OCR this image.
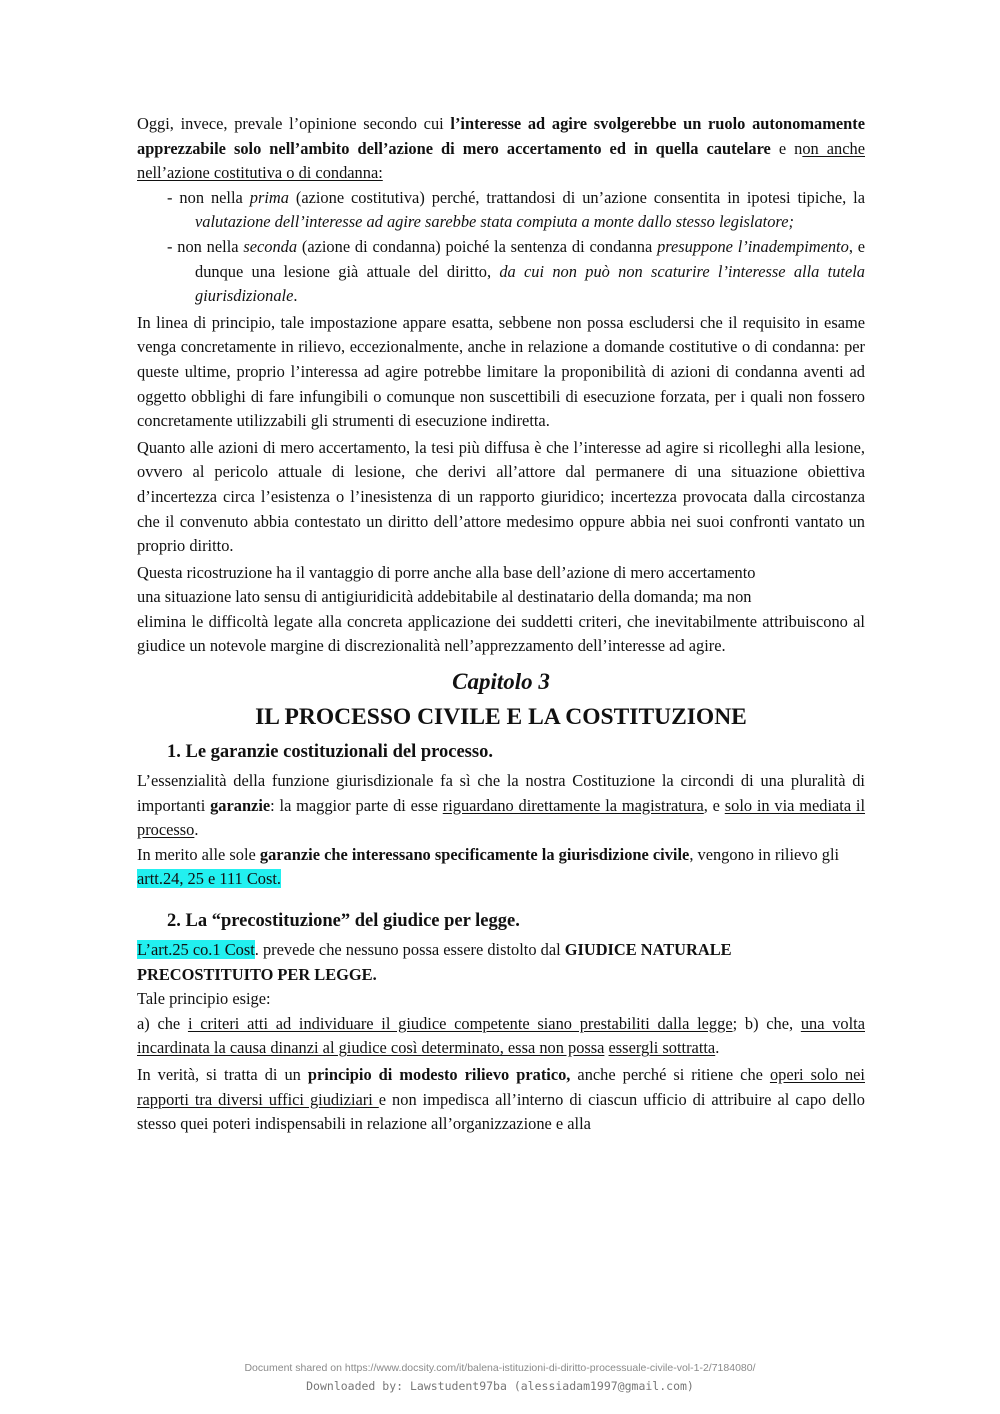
Oggi, invece, prevale l’opinione secondo cui l’interesse ad agire svolgerebbe un ruolo autonomamente apprezzabile solo nell’ambito dell’azione di mero accertamento ed in quella cautelare e non anche nell’azione costitutiva o di condanna:

- non nella prima (azione costitutiva) perché, trattandosi di un’azione consentita in ipotesi tipiche, la valutazione dell’interesse ad agire sarebbe stata compiuta a monte dallo stesso legislatore;

- non nella seconda (azione di condanna) poiché la sentenza di condanna presuppone l’inadempimento, e dunque una lesione già attuale del diritto, da cui non può non scaturire l’interesse alla tutela giurisdizionale.

In linea di principio, tale impostazione appare esatta, sebbene non possa escludersi che il requisito in esame venga concretamente in rilievo, eccezionalmente, anche in relazione a domande costitutive o di condanna: per queste ultime, proprio l’interessa ad agire potrebbe limitare la proponibilità di azioni di condanna aventi ad oggetto obblighi di fare infungibili o comunque non suscettibili di esecuzione forzata, per i quali non fossero concretamente utilizzabili gli strumenti di esecuzione indiretta.

Quanto alle azioni di mero accertamento, la tesi più diffusa è che l’interesse ad agire si ricolleghi alla lesione, ovvero al pericolo attuale di lesione, che derivi all’attore dal permanere di una situazione obiettiva d’incertezza circa l’esistenza o l’inesistenza di un rapporto giuridico; incertezza provocata dalla circostanza che il convenuto abbia contestato un diritto dell’attore medesimo oppure abbia nei suoi confronti vantato un proprio diritto.

Questa ricostruzione ha il vantaggio di porre anche alla base dell’azione di mero accertamento
una situazione lato sensu di antigiuridicità addebitabile al destinatario della domanda; ma non
elimina le difficoltà legate alla concreta applicazione dei suddetti criteri, che inevitabilmente attribuiscono al giudice un notevole margine di discrezionalità nell’apprezzamento dell’interesse ad agire.

Capitolo 3
IL PROCESSO CIVILE E LA COSTITUZIONE
1. Le garanzie costituzionali del processo.

L’essenzialità della funzione giurisdizionale fa sì che la nostra Costituzione la circondi di una pluralità di importanti garanzie: la maggior parte di esse riguardano direttamente la magistratura, e solo in via mediata il processo.

In merito alle sole garanzie che interessano specificamente la giurisdizione civile, vengono in rilievo gli artt.24, 25 e 111 Cost.

2. La “precostituzione” del giudice per legge.

L’art.25 co.1 Cost. prevede che nessuno possa essere distolto dal GIUDICE NATURALE PRECOSTITUITO PER LEGGE.

Tale principio esige:

a) che i criteri atti ad individuare il giudice competente siano prestabiliti dalla legge; b) che, una volta incardinata la causa dinanzi al giudice così determinato, essa non possa essergli sottratta.

In verità, si tratta di un principio di modesto rilievo pratico, anche perché si ritiene che operi solo nei rapporti tra diversi uffici giudiziari e non impedisca all’interno di ciascun ufficio di attribuire al capo dello stesso quei poteri indispensabili in relazione all’organizzazione e alla

Document shared on https://www.docsity.com/it/balena-istituzioni-di-diritto-processuale-civile-vol-1-2/7184080/
Downloaded by: Lawstudent97ba (alessiadam1997@gmail.com)
